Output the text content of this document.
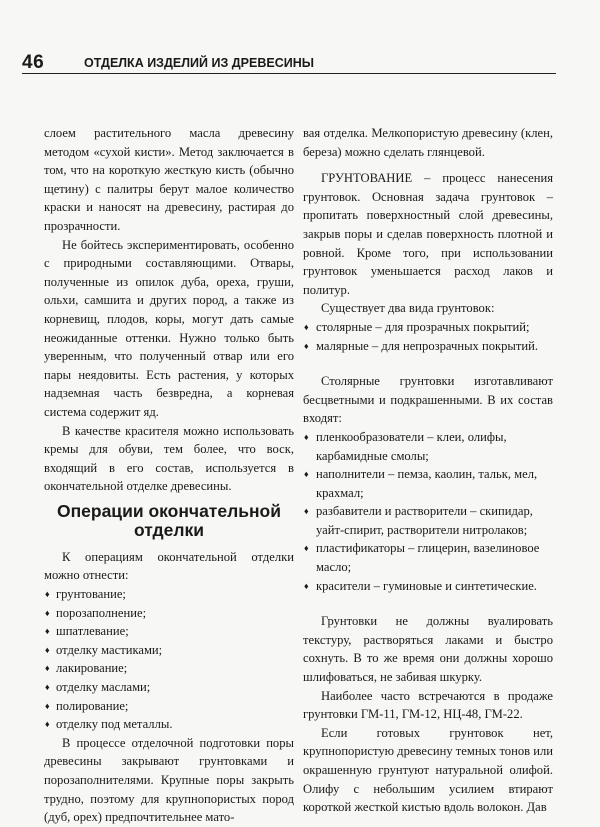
46	ОТДЕЛКА ИЗДЕЛИЙ ИЗ ДРЕВЕСИНЫ

слоем растительного масла древесину методом «сухой кисти». Метод заключается в том, что на короткую жесткую кисть (обычно щетину) с палитры берут малое количество краски и наносят на древесину, растирая до прозрачности.

Не бойтесь экспериментировать, особенно с природными составляющими. Отвары, полученные из опилок дуба, ореха, груши, ольхи, самшита и других пород, а также из корневищ, плодов, коры, могут дать самые неожиданные оттенки. Нужно только быть уверенным, что полученный отвар или его пары неядовиты. Есть растения, у которых надземная часть безвредна, а корневая система содержит яд.

В качестве красителя можно использовать кремы для обуви, тем более, что воск, входящий в его состав, используется в окончательной отделке древесины.

Операции окончательной
отделки

К операциям окончательной отделки можно отнести:

♦ грунтование;
♦ порозаполнение;
♦ шпатлевание;
♦ отделку мастиками;
♦ лакирование;
♦ отделку маслами;
♦ полирование;
♦ отделку под металлы.

В процессе отделочной подготовки поры древесины закрывают грунтовками и порозаполнителями. Крупные поры закрыть трудно, поэтому для крупнопористых пород (дуб, орех) предпочтительнее мато-

вая отделка. Мелкопористую древесину (клен, береза) можно сделать глянцевой.

ГРУНТОВАНИЕ – процесс нанесения грунтовок. Основная задача грунтовок – пропитать поверхностный слой древесины, закрыв поры и сделав поверхность плотной и ровной. Кроме того, при использовании грунтовок уменьшается расход лаков и политур.

Существует два вида грунтовок:

♦ столярные – для прозрачных покрытий;
♦ малярные – для непрозрачных покрытий.

Столярные грунтовки изготавливают бесцветными и подкрашенными. В их состав входят:

♦ пленкообразователи – клеи, олифы, карбамидные смолы;
♦ наполнители – пемза, каолин, тальк, мел, крахмал;
♦ разбавители и растворители – скипидар, уайт-спирит, растворители нитролаков;
♦ пластификаторы – глицерин, вазелиновое масло;
♦ красители – гуминовые и синтетические.

Грунтовки не должны вуалировать текстуру, растворяться лаками и быстро сохнуть. В то же время они должны хорошо шлифоваться, не забивая шкурку.

Наиболее часто встречаются в продаже грунтовки ГМ-11, ГМ-12, НЦ-48, ГМ-22.

Если готовых грунтовок нет, крупнопористую древесину темных тонов или окрашенную грунтуют натуральной олифой. Олифу с небольшим усилием втирают короткой жесткой кистью вдоль волокон. Дав
